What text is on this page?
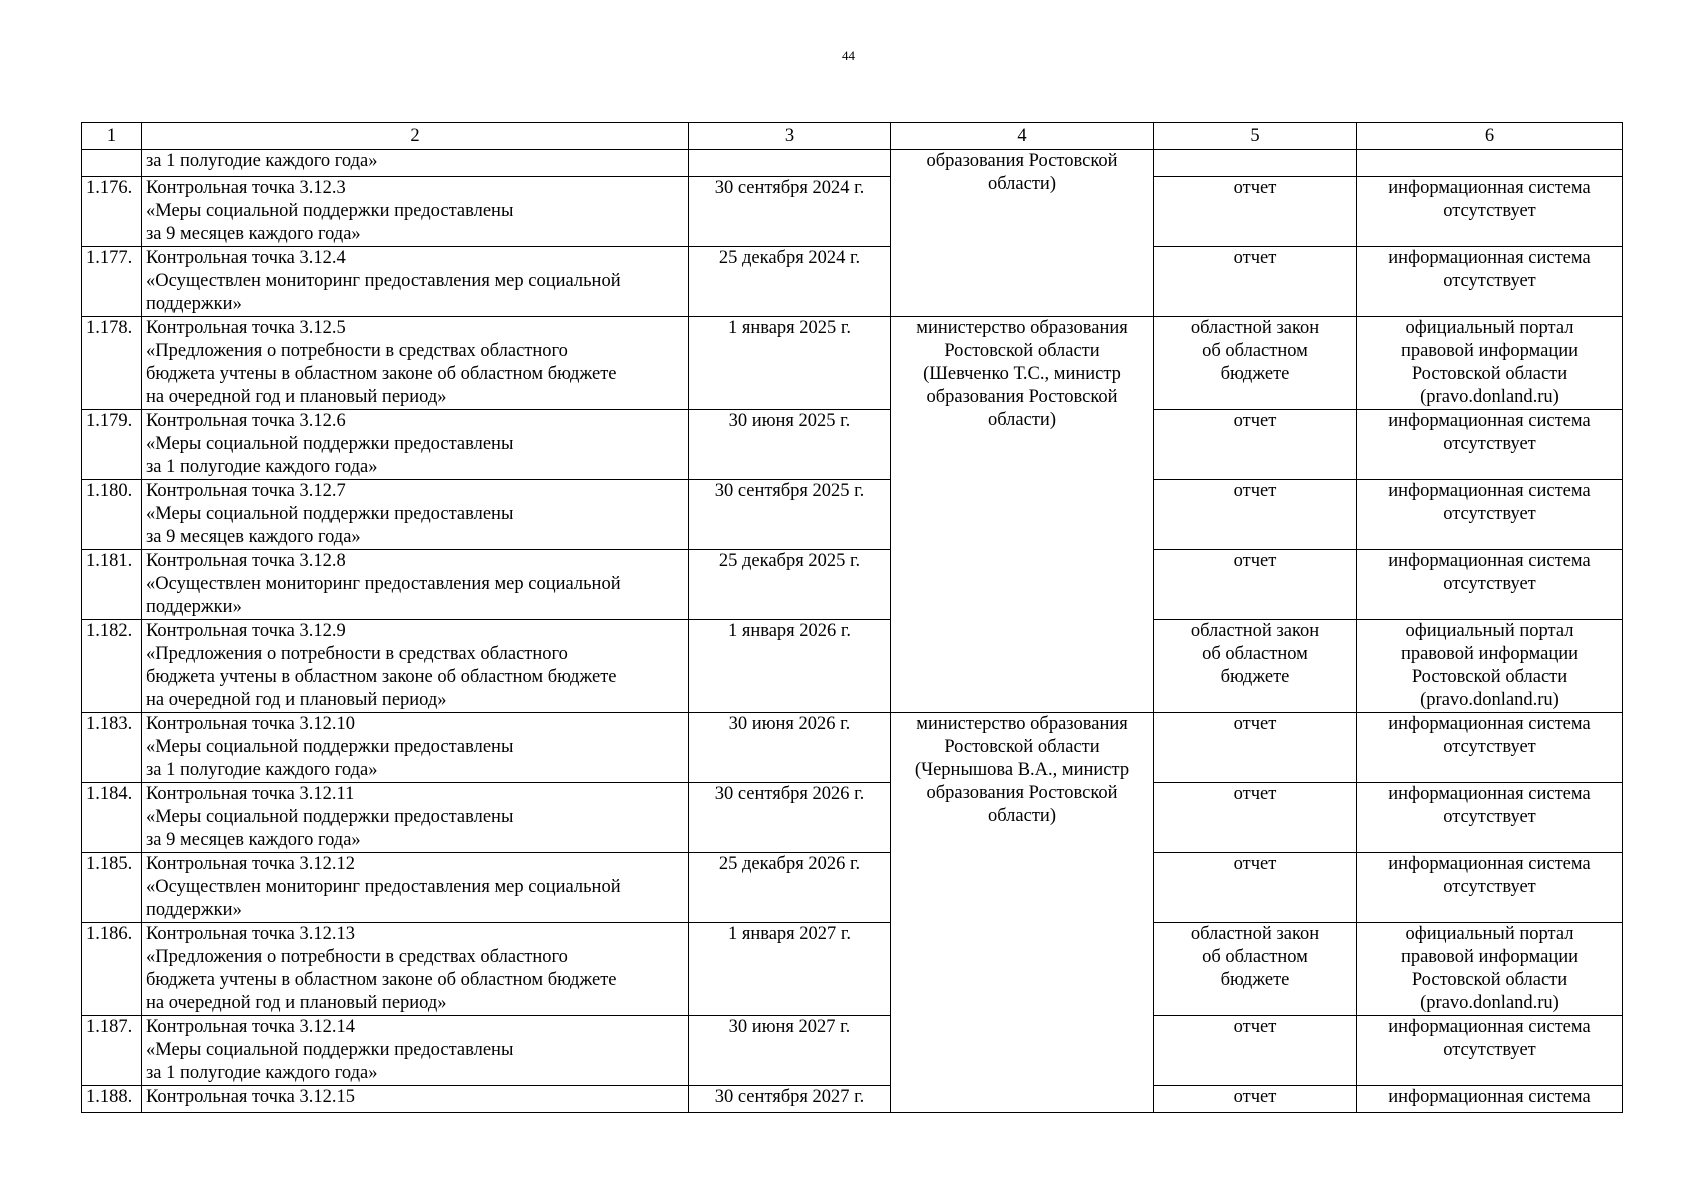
44
1	2	3	4	5	6

	за 1 полугодие каждого года»		образования Ростовской
области)		

1.176.	Контрольная точка 3.12.3
«Меры социальной поддержки предоставлены
за 9 месяцев каждого года»	30 сентября 2024 г.		отчет	информационная система
отсутствует

1.177.	Контрольная точка 3.12.4
«Осуществлен мониторинг предоставления мер социальной
поддержки»	25 декабря 2024 г.		отчет	информационная система
отсутствует

1.178.	Контрольная точка 3.12.5
«Предложения о потребности в средствах областного
бюджета учтены в областном законе об областном бюджете
на очередной год и плановый период»	1 января 2025 г.	министерство образования
Ростовской области
(Шевченко Т.С., министр
образования Ростовской
области)	областной закон
об областном
бюджете	официальный портал
правовой информации
Ростовской области
(pravo.donland.ru)

1.179.	Контрольная точка 3.12.6
«Меры социальной поддержки предоставлены
за 1 полугодие каждого года»	30 июня 2025 г.		отчет	информационная система
отсутствует

1.180.	Контрольная точка 3.12.7
«Меры социальной поддержки предоставлены
за 9 месяцев каждого года»	30 сентября 2025 г.		отчет	информационная система
отсутствует

1.181.	Контрольная точка 3.12.8
«Осуществлен мониторинг предоставления мер социальной
поддержки»	25 декабря 2025 г.		отчет	информационная система
отсутствует

1.182.	Контрольная точка 3.12.9
«Предложения о потребности в средствах областного
бюджета учтены в областном законе об областном бюджете
на очередной год и плановый период»	1 января 2026 г.		областной закон
об областном
бюджете	официальный портал
правовой информации
Ростовской области
(pravo.donland.ru)

1.183.	Контрольная точка 3.12.10
«Меры социальной поддержки предоставлены
за 1 полугодие каждого года»	30 июня 2026 г.	министерство образования
Ростовской области
(Чернышова В.А., министр
образования Ростовской
области)	отчет	информационная система
отсутствует

1.184.	Контрольная точка 3.12.11
«Меры социальной поддержки предоставлены
за 9 месяцев каждого года»	30 сентября 2026 г.		отчет	информационная система
отсутствует

1.185.	Контрольная точка 3.12.12
«Осуществлен мониторинг предоставления мер социальной
поддержки»	25 декабря 2026 г.		отчет	информационная система
отсутствует

1.186.	Контрольная точка 3.12.13
«Предложения о потребности в средствах областного
бюджета учтены в областном законе об областном бюджете
на очередной год и плановый период»	1 января 2027 г.		областной закон
об областном
бюджете	официальный портал
правовой информации
Ростовской области
(pravo.donland.ru)

1.187.	Контрольная точка 3.12.14
«Меры социальной поддержки предоставлены
за 1 полугодие каждого года»	30 июня 2027 г.		отчет	информационная система
отсутствует

1.188.	Контрольная точка 3.12.15	30 сентября 2027 г.		отчет	информационная система
